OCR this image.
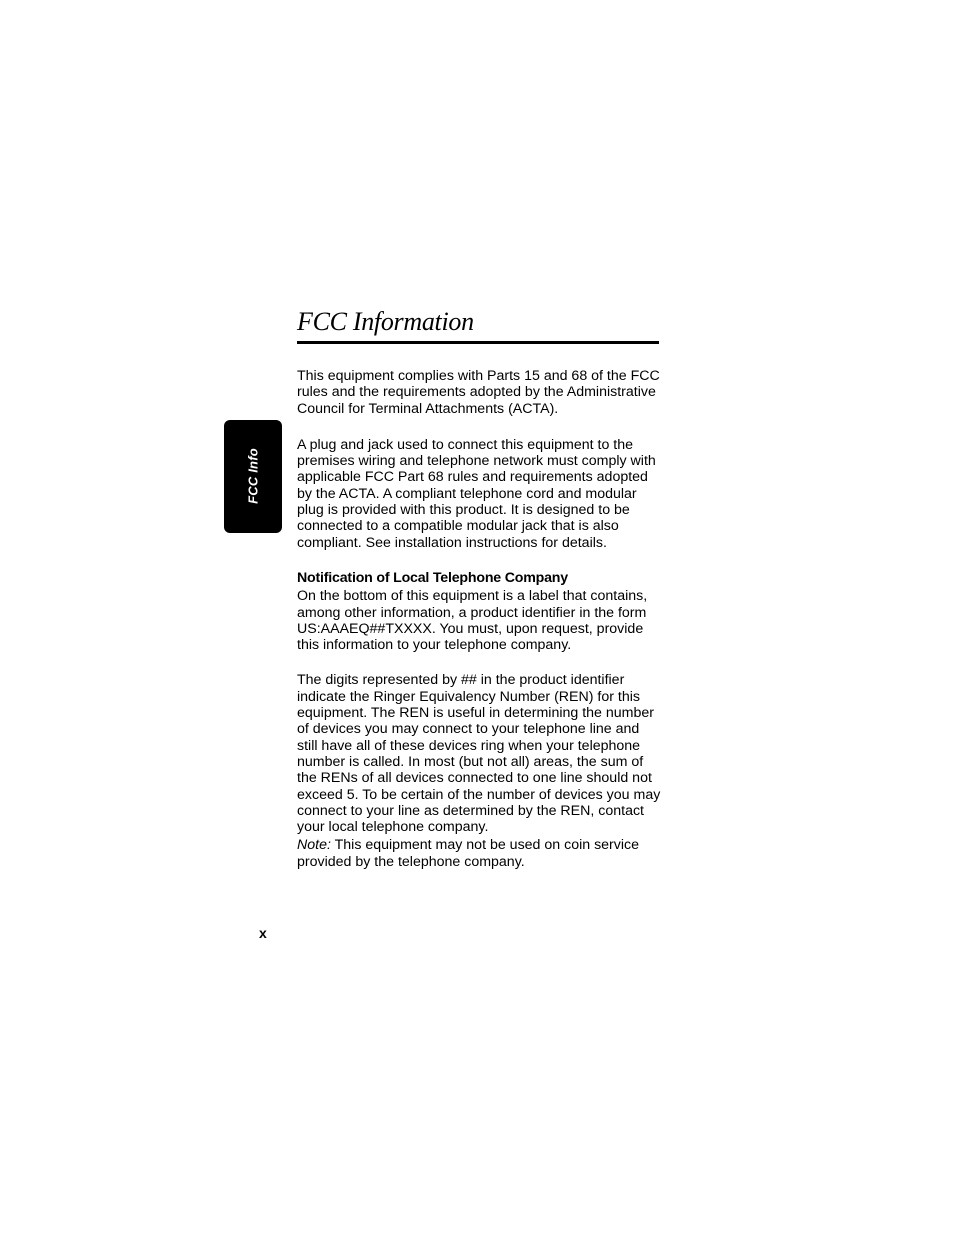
FCC Information
FCC Info

This equipment complies with Parts 15 and 68 of the FCC rules and the requirements adopted by the Administrative Council for Terminal Attachments (ACTA).

A plug and jack used to connect this equipment to the premises wiring and telephone network must comply with applicable FCC Part 68 rules and requirements adopted by the ACTA. A compliant telephone cord and modular plug is provided with this product. It is designed to be connected to a compatible modular jack that is also compliant. See installation instructions for details.

Notification of Local Telephone Company

On the bottom of this equipment is a label that contains, among other information, a product identifier in the form US:AAAEQ##TXXXX. You must, upon request, provide this information to your telephone company.

The digits represented by ## in the product identifier indicate the Ringer Equivalency Number (REN) for this equipment. The REN is useful in determining the number of devices you may connect to your telephone line and still have all of these devices ring when your telephone number is called. In most (but not all) areas, the sum of the RENs of all devices connected to one line should not exceed 5. To be certain of the number of devices you may connect to your line as determined by the REN, contact your local telephone company.

Note: This equipment may not be used on coin service provided by the telephone company.

x
